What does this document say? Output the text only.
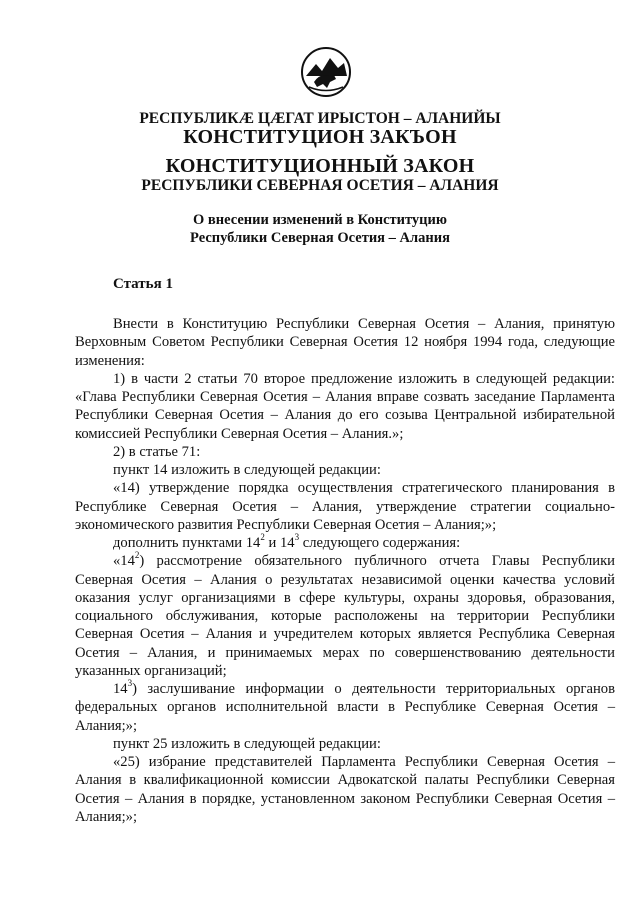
РЕСПУБЛИКӔ ЦӔГАТ ИРЫСТОН – АЛАНИЙЫ
КОНСТИТУЦИОН ЗАКЪОН
КОНСТИТУЦИОННЫЙ ЗАКОН
РЕСПУБЛИКИ СЕВЕРНАЯ ОСЕТИЯ – АЛАНИЯ
О внесении изменений в Конституцию
Республики Северная Осетия – Алания
Статья 1

Внести в Конституцию Республики Северная Осетия – Алания, принятую Верховным Советом Республики Северная Осетия 12 ноября 1994 года, следующие изменения:

1) в части 2 статьи 70 второе предложение изложить в следующей редакции: «Глава Республики Северная Осетия – Алания вправе созвать заседание Парламента Республики Северная Осетия – Алания до его созыва Центральной избирательной комиссией Республики Северная Осетия – Алания.»;

2) в статье 71:

пункт 14 изложить в следующей редакции:

«14) утверждение порядка осуществления стратегического планирования в Республике Северная Осетия – Алания, утверждение стратегии социально-экономического развития Республики Северная Осетия – Алания;»;

дополнить пунктами $14^2$ и $14^3$ следующего содержания:

«$14^2$) рассмотрение обязательного публичного отчета Главы Республики Северная Осетия – Алания о результатах независимой оценки качества условий оказания услуг организациями в сфере культуры, охраны здоровья, образования, социального обслуживания, которые расположены на территории Республики Северная Осетия – Алания и учредителем которых является Республика Северная Осетия – Алания, и принимаемых мерах по совершенствованию деятельности указанных организаций;

$14^3$) заслушивание информации о деятельности территориальных органов федеральных органов исполнительной власти в Республике Северная Осетия – Алания;»;

пункт 25 изложить в следующей редакции:

«25) избрание представителей Парламента Республики Северная Осетия – Алания в квалификационной комиссии Адвокатской палаты Республики Северная Осетия – Алания в порядке, установленном законом Республики Северная Осетия – Алания;»;
